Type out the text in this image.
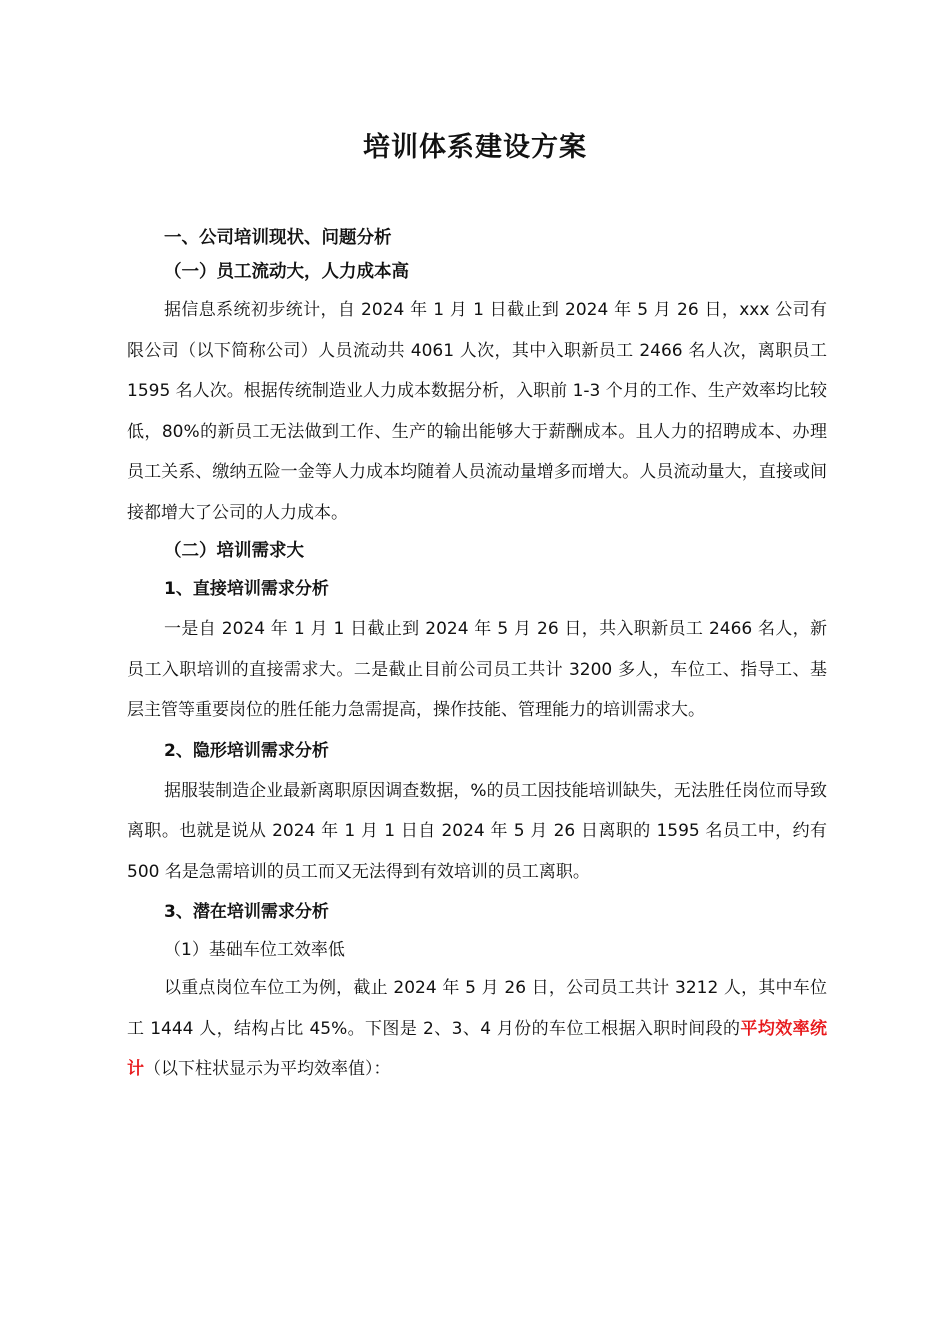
培训体系建设方案
一、公司培训现状、问题分析
（一）员工流动大，人力成本高

据信息系统初步统计，自 2024 年 1 月 1 日截止到 2024 年 5 月 26 日，xxx 公司有限公司（以下简称公司）人员流动共 4061 人次，其中入职新员工 2466 名人次，离职员工 1595 名人次。根据传统制造业人力成本数据分析，入职前 1-3 个月的工作、生产效率均比较低，80%的新员工无法做到工作、生产的输出能够大于薪酬成本。且人力的招聘成本、办理员工关系、缴纳五险一金等人力成本均随着人员流动量增多而增大。人员流动量大，直接或间接都增大了公司的人力成本。

（二）培训需求大
1、直接培训需求分析

一是自 2024 年 1 月 1 日截止到 2024 年 5 月 26 日，共入职新员工 2466 名人，新员工入职培训的直接需求大。二是截止目前公司员工共计 3200 多人，车位工、指导工、基层主管等重要岗位的胜任能力急需提高，操作技能、管理能力的培训需求大。

2、隐形培训需求分析

据服装制造企业最新离职原因调查数据，%的员工因技能培训缺失，无法胜任岗位而导致离职。也就是说从 2024 年 1 月 1 日自 2024 年 5 月 26 日离职的 1595 名员工中，约有 500 名是急需培训的员工而又无法得到有效培训的员工离职。

3、潜在培训需求分析
（1）基础车位工效率低

以重点岗位车位工为例，截止 2024 年 5 月 26 日，公司员工共计 3212 人，其中车位工 1444 人，结构占比 45%。下图是 2、3、4 月份的车位工根据入职时间段的平均效率统计（以下柱状显示为平均效率值）：
